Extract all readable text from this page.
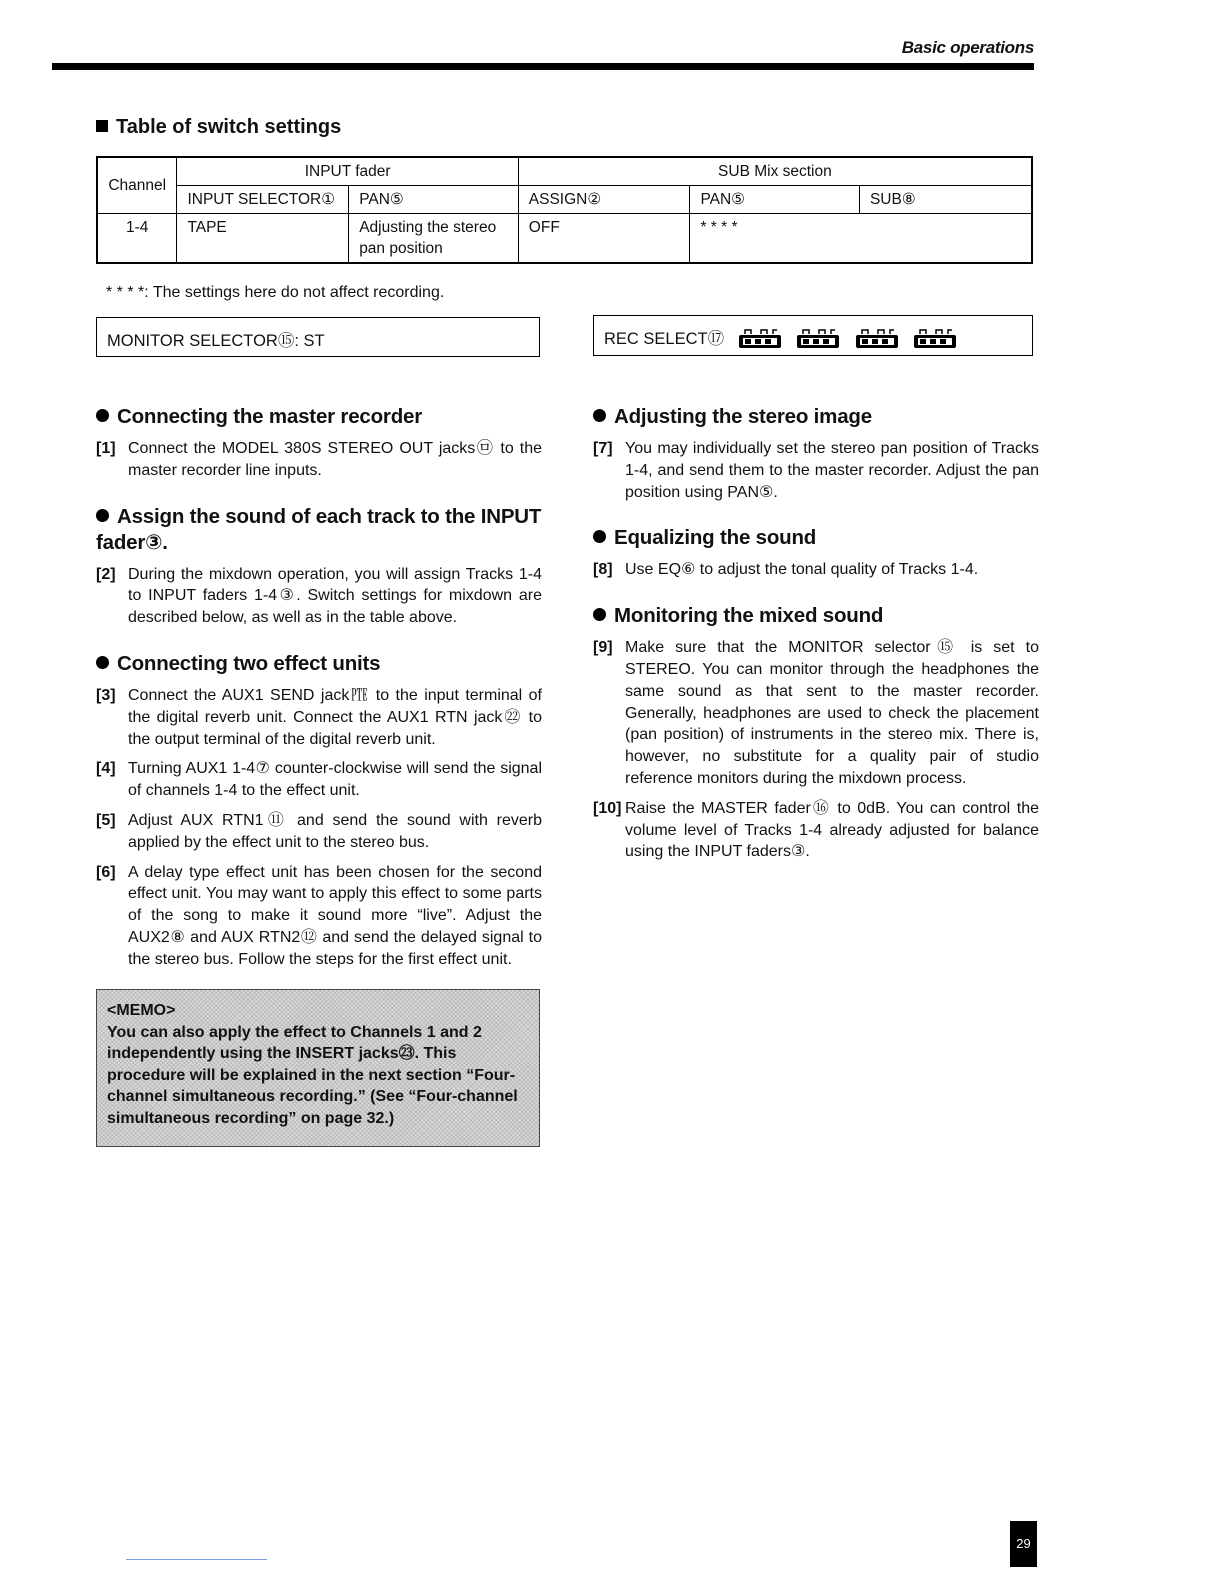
Basic operations
Table of switch settings
Channel	INPUT fader		SUB Mix section		
	INPUT SELECTOR①	PAN⑤	ASSIGN②	PAN⑤	SUB⑧
1-4	TAPE	Adjusting the stereo pan position	OFF	* * * *	
* * * *: The settings here do not affect recording.
MONITOR SELECTOR⑮: ST	REC SELECT⑰
Connecting the master recorder
[1] Connect the MODEL 380S STEREO OUT jacks㉤ to the master recorder line inputs.
Assign the sound of each track to the INPUT fader③.
[2] During the mixdown operation, you will assign Tracks 1-4 to INPUT faders 1-4③. Switch settings for mixdown are described below, as well as in the table above.
Connecting two effect units
[3] Connect the AUX1 SEND jack㉐ to the input terminal of the digital reverb unit. Connect the AUX1 RTN jack㉒ to the output terminal of the digital reverb unit.
[4] Turning AUX1 1-4⑦ counter-clockwise will send the signal of channels 1-4 to the effect unit.
[5] Adjust AUX RTN1⑪ and send the sound with reverb applied by the effect unit to the stereo bus.
[6] A delay type effect unit has been chosen for the second effect unit. You may want to apply this effect to some parts of the song to make it sound more “live”. Adjust the AUX2⑧ and AUX RTN2⑫ and send the delayed signal to the stereo bus. Follow the steps for the first effect unit.
Adjusting the stereo image
[7] You may individually set the stereo pan position of Tracks 1-4, and send them to the master recorder. Adjust the pan position using PAN⑤.
Equalizing the sound
[8] Use EQ⑥ to adjust the tonal quality of Tracks 1-4.
Monitoring the mixed sound
[9] Make sure that the MONITOR selector⑮ is set to STEREO. You can monitor through the headphones the same sound as that sent to the master recorder. Generally, headphones are used to check the placement (pan position) of instruments in the stereo mix. There is, however, no substitute for a quality pair of studio reference monitors during the mixdown process.
[10] Raise the MASTER fader⑯ to 0dB. You can control the volume level of Tracks 1-4 already adjusted for balance using the INPUT faders③.
<MEMO>
You can also apply the effect to Channels 1 and 2 independently using the INSERT jacks㉓. This procedure will be explained in the next section “Four-channel simultaneous recording.” (See “Four-channel simultaneous recording” on page 32.)
29
